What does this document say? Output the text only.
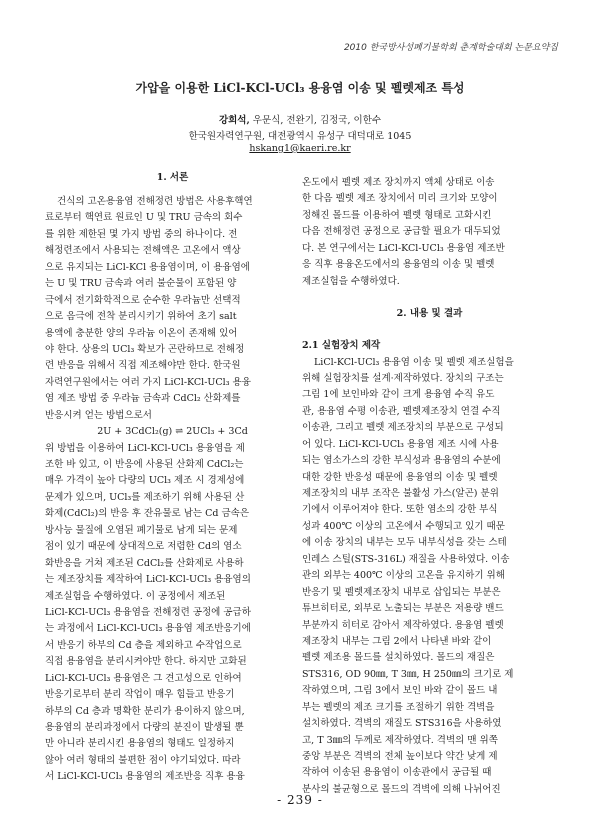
2010 한국방사성폐기물학회 춘계학술대회 논문요약집
가압을 이용한 LiCl-KCl-UCl₃ 용융염 이송 및 펠렛제조 특성
강희석, 우문식, 전완기, 김정국, 이한수
한국원자력연구원, 대전광역시 유성구 대덕대로 1045
hskang1@kaeri.re.kr
1. 서론
건식의 고온용융염 전해정련 방법은 사용후핵연
료로부터 핵연료 원료인 U 및 TRU 금속의 회수
를 위한 제한된 몇 가지 방법 중의 하나이다. 전
해정련조에서 사용되는 전해액은 고온에서 액상
으로 유지되는 LiCl-KCl 용융염이며, 이 용융염에
는 U 및 TRU 금속과 여러 불순물이 포함된 양
극에서 전기화학적으로 순수한 우라늄만 선택적
으로 음극에 전착 분리시키기 위하여 초기 salt
용액에 충분한 양의 우라늄 이온이 존재해 있어
야 한다. 상용의 UCl₃ 확보가 곤란하므로 전해정
련 반응을 위해서 직접 제조해야만 한다. 한국원
자력연구원에서는 여러 가지 LiCl-KCl-UCl₃ 용융
염 제조 방법 중 우라늄 금속과 CdCl₂ 산화제를
반응시켜 얻는 방법으로서
2U + 3CdCl₂(g) ⇌ 2UCl₃ + 3Cd
위 방법을 이용하여 LiCl-KCl-UCl₃ 용융염을 제
조한 바 있고, 이 반응에 사용된 산화제 CdCl₂는
매우 가격이 높아 다량의 UCl₃ 제조 시 경제성에
문제가 있으며, UCl₃를 제조하기 위해 사용된 산
화제(CdCl₂)의 반응 후 잔유물로 남는 Cd 금속은
방사능 물질에 오염된 폐기물로 남게 되는 문제
점이 있기 때문에 상대적으로 저렴한 Cd의 염소
화반응을 거쳐 제조된 CdCl₂를 산화제로 사용하
는 제조장치를 제작하여 LiCl-KCl-UCl₃ 용융염의
제조실험을 수행하였다. 이 공정에서 제조된
LiCl-KCl-UCl₃ 용융염을 전해정련 공정에 공급하
는 과정에서 LiCl-KCl-UCl₃ 용융염 제조반응기에
서 반응기 하부의 Cd 층을 제외하고 수작업으로
직접 용융염을 분리시켜야만 한다. 하지만 고화된
LiCl-KCl-UCl₃ 용융염은 그 견고성으로 인하여
반응기로부터 분리 작업이 매우 힘들고 반응기
하부의 Cd 층과 명확한 분리가 용이하지 않으며,
용융염의 분리과정에서 다량의 분진이 발생될 뿐
만 아니라 분리시킨 용융염의 형태도 일정하지
않아 여러 형태의 불편한 점이 야기되었다. 따라
서 LiCl-KCl-UCl₃ 용융염의 제조반응 직후 용융
온도에서 펠렛 제조 장치까지 액체 상태로 이송
한 다음 펠렛 제조 장치에서 미리 크기와 모양이
정해진 몰드를 이용하여 펠렛 형태로 고화시킨
다음 전해정련 공정으로 공급할 필요가 대두되었
다. 본 연구에서는 LiCl-KCl-UCl₃ 용융염 제조반
응 직후 용융온도에서의 용융염의 이송 및 펠렛
제조실험을 수행하였다.
2. 내용 및 결과
2.1 실험장치 제작
LiCl-KCl-UCl₃ 용융염 이송 및 펠렛 제조실험을
위해 실험장치를 설계·제작하였다. 장치의 구조는
그림 1에 보인바와 같이 크게 용융염 수직 유도
관, 용융염 수평 이송관, 펠렛제조장치 연결 수직
이송관, 그리고 펠렛 제조장치의 부분으로 구성되
어 있다. LiCl-KCl-UCl₃ 용융염 제조 시에 사용
되는 염소가스의 강한 부식성과 용융염의 수분에
대한 강한 반응성 때문에 용융염의 이송 및 펠렛
제조장치의 내부 조작은 불활성 가스(알곤) 분위
기에서 이루어져야 한다. 또한 염소의 강한 부식
성과 400℃ 이상의 고온에서 수행되고 있기 때문
에 이송 장치의 내부는 모두 내부식성을 갖는 스테
인레스 스틸(STS-316L) 재질을 사용하였다. 이송
관의 외부는 400℃ 이상의 고온을 유지하기 위해
반응기 및 펠렛제조장치 내부로 삽입되는 부분은
튜브히터로, 외부로 노출되는 부분은 저용량 밴드
부분까지 히터로 감아서 제작하였다. 용융염 펠렛
제조장치 내부는 그림 2에서 나타낸 바와 같이
펠렛 제조용 몰드를 설치하였다. 몰드의 재질은
STS316, OD 90㎜, T 3㎜, H 250㎜의 크기로 제
작하였으며, 그림 3에서 보인 바와 같이 몰드 내
부는 펠렛의 제조 크기를 조절하기 위한 격벽을
설치하였다. 격벽의 재질도 STS316을 사용하였
고, T 3㎜의 두께로 제작하였다. 격벽의 맨 위쪽
중앙 부분은 격벽의 전체 높이보다 약간 낮게 제
작하여 이송된 용융염이 이송관에서 공급될 때
분사의 불균형으로 몰드의 격벽에 의해 나뉘어진
- 239 -
